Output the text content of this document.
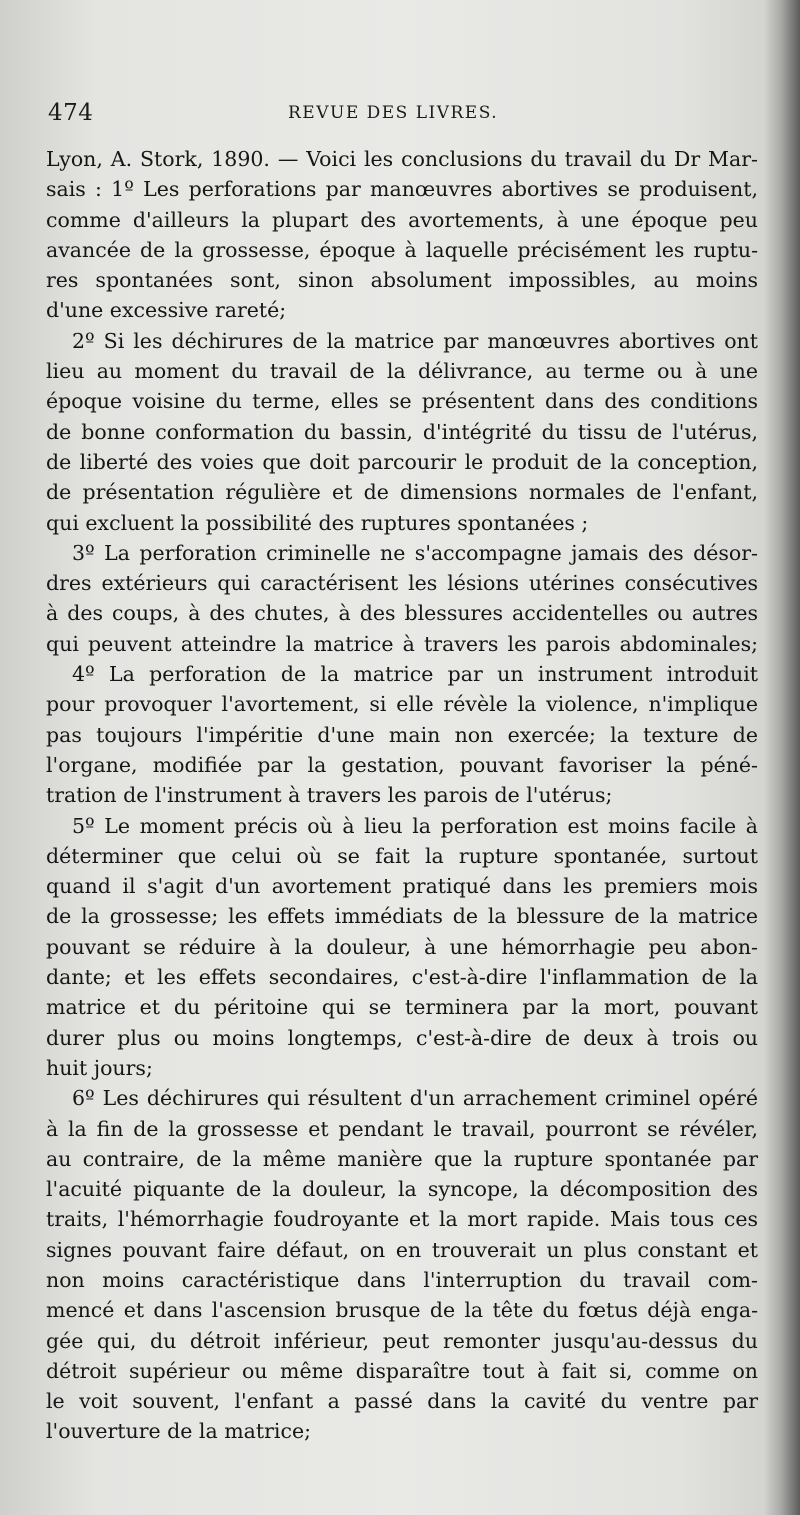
474	REVUE DES LIVRES.
Lyon, A. Stork, 1890. — Voici les conclusions du travail du Dr Mar-
sais : 1º Les perforations par manœuvres abortives se produisent,
comme d'ailleurs la plupart des avortements, à une époque peu
avancée de la grossesse, époque à laquelle précisément les ruptu-
res spontanées sont, sinon absolument impossibles, au moins
d'une excessive rareté;
2º Si les déchirures de la matrice par manœuvres abortives ont
lieu au moment du travail de la délivrance, au terme ou à une
époque voisine du terme, elles se présentent dans des conditions
de bonne conformation du bassin, d'intégrité du tissu de l'utérus,
de liberté des voies que doit parcourir le produit de la conception,
de présentation régulière et de dimensions normales de l'enfant,
qui excluent la possibilité des ruptures spontanées ;
3º La perforation criminelle ne s'accompagne jamais des désor-
dres extérieurs qui caractérisent les lésions utérines consécutives
à des coups, à des chutes, à des blessures accidentelles ou autres
qui peuvent atteindre la matrice à travers les parois abdominales;
4º La perforation de la matrice par un instrument introduit
pour provoquer l'avortement, si elle révèle la violence, n'implique
pas toujours l'impéritie d'une main non exercée; la texture de
l'organe, modifiée par la gestation, pouvant favoriser la péné-
tration de l'instrument à travers les parois de l'utérus;
5º Le moment précis où à lieu la perforation est moins facile à
déterminer que celui où se fait la rupture spontanée, surtout
quand il s'agit d'un avortement pratiqué dans les premiers mois
de la grossesse; les effets immédiats de la blessure de la matrice
pouvant se réduire à la douleur, à une hémorrhagie peu abon-
dante; et les effets secondaires, c'est-à-dire l'inflammation de la
matrice et du péritoine qui se terminera par la mort, pouvant
durer plus ou moins longtemps, c'est-à-dire de deux à trois ou
huit jours;
6º Les déchirures qui résultent d'un arrachement criminel opéré
à la fin de la grossesse et pendant le travail, pourront se révéler,
au contraire, de la même manière que la rupture spontanée par
l'acuité piquante de la douleur, la syncope, la décomposition des
traits, l'hémorrhagie foudroyante et la mort rapide. Mais tous ces
signes pouvant faire défaut, on en trouverait un plus constant et
non moins caractéristique dans l'interruption du travail com-
mencé et dans l'ascension brusque de la tête du fœtus déjà enga-
gée qui, du détroit inférieur, peut remonter jusqu'au-dessus du
détroit supérieur ou même disparaître tout à fait si, comme on
le voit souvent, l'enfant a passé dans la cavité du ventre par
l'ouverture de la matrice;
